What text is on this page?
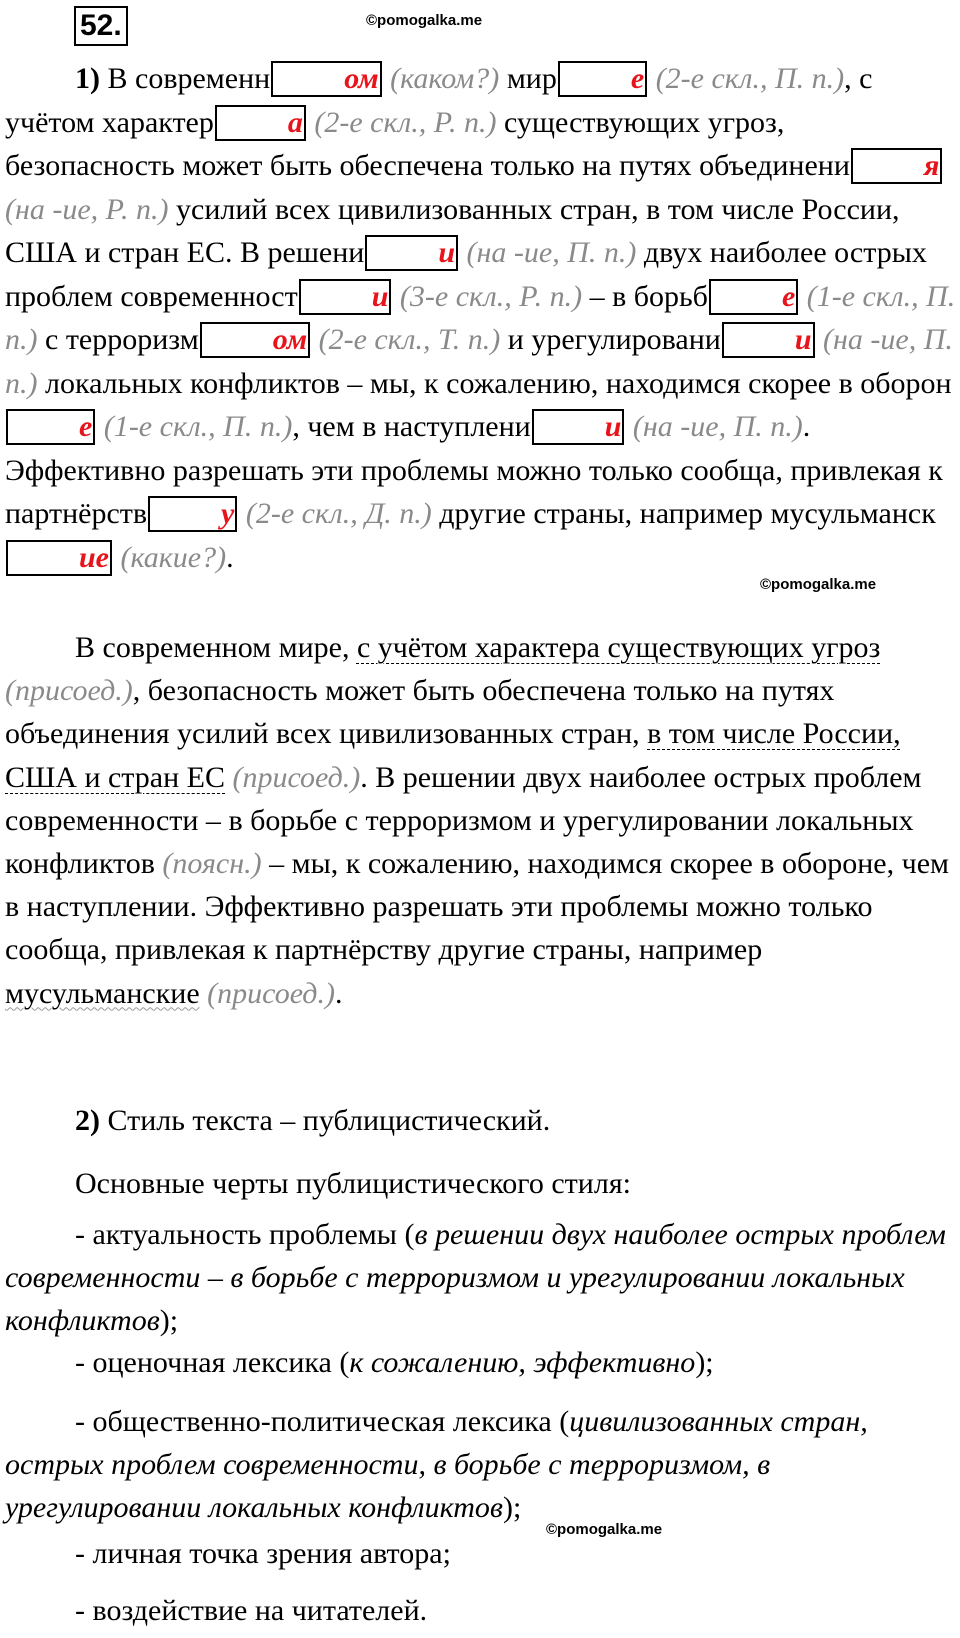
52.	©pomogalka.me
©pomogalka.me
©pomogalka.me

1) В современн ом (каком?) мир е (2-е скл., П. п.), с учётом характер а (2-е скл., Р. п.) существующих угроз, безопасность может быть обеспечена только на путях объединени я (на -ие, Р. п.) усилий всех цивилизованных стран, в том числе России, США и стран ЕС. В решени и (на -ие, П. п.) двух наиболее острых проблем современност и (3-е скл., Р. п.) – в борьб е (1-е скл., П. п.) с терроризм ом (2-е скл., Т. п.) и урегулировани и (на -ие, П. п.) локальных конфликтов – мы, к сожалению, находимся скорее в обороне (1-е скл., П. п.), чем в наступлени и (на -ие, П. п.). Эффективно разрешать эти проблемы можно только сообща, привлекая к партнёрств у (2-е скл., Д. п.) другие страны, например мусульманские (какие?).

В современном мире, с учётом характера существующих угроз (присоед.), безопасность может быть обеспечена только на путях объединения усилий всех цивилизованных стран, в том числе России, США и стран ЕС (присоед.). В решении двух наиболее острых проблем современности – в борьбе с терроризмом и урегулировании локальных конфликтов (поясн.) – мы, к сожалению, находимся скорее в обороне, чем в наступлении. Эффективно разрешать эти проблемы можно только сообща, привлекая к партнёрству другие страны, например мусульманские (присоед.).

2) Стиль текста – публицистический.

Основные черты публицистического стиля:

- актуальность проблемы (в решении двух наиболее острых проблем современности – в борьбе с терроризмом и урегулировании локальных конфликтов);

- оценочная лексика (к сожалению, эффективно);

- общественно-политическая лексика (цивилизованных стран, острых проблем современности, в борьбе с терроризмом, в урегулировании локальных конфликтов);

- личная точка зрения автора;

- воздействие на читателей.
